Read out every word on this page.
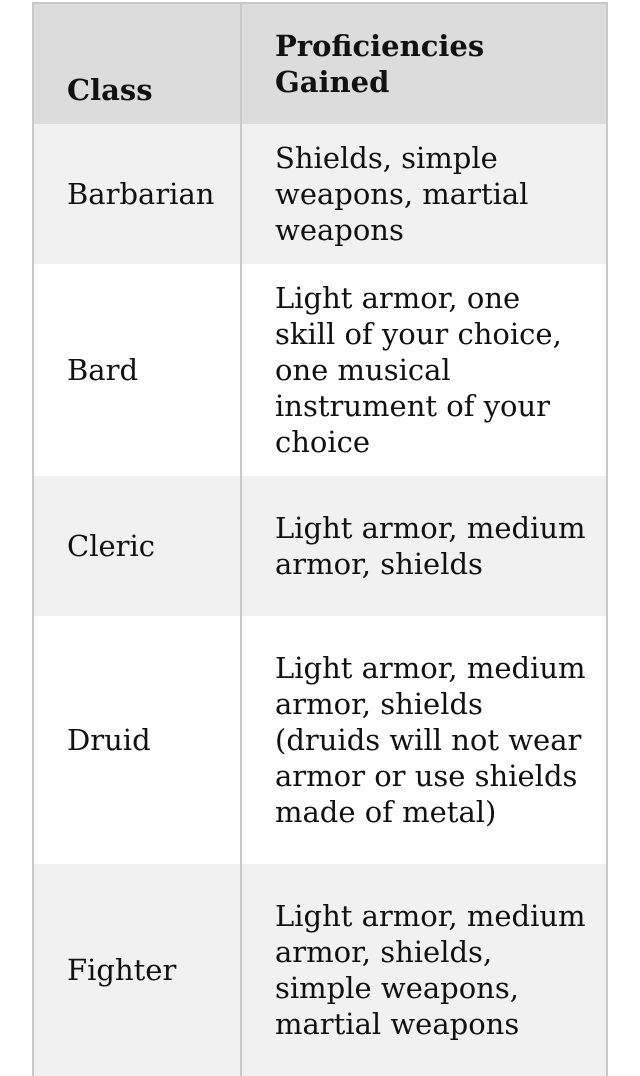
Class	Proficiencies Gained
Barbarian	Shields, simple weapons, martial weapons
Bard	Light armor, one skill of your choice, one musical instrument of your choice
Cleric	Light armor, medium armor, shields
Druid	Light armor, medium armor, shields (druids will not wear armor or use shields made of metal)
Fighter	Light armor, medium armor, shields, simple weapons, martial weapons
